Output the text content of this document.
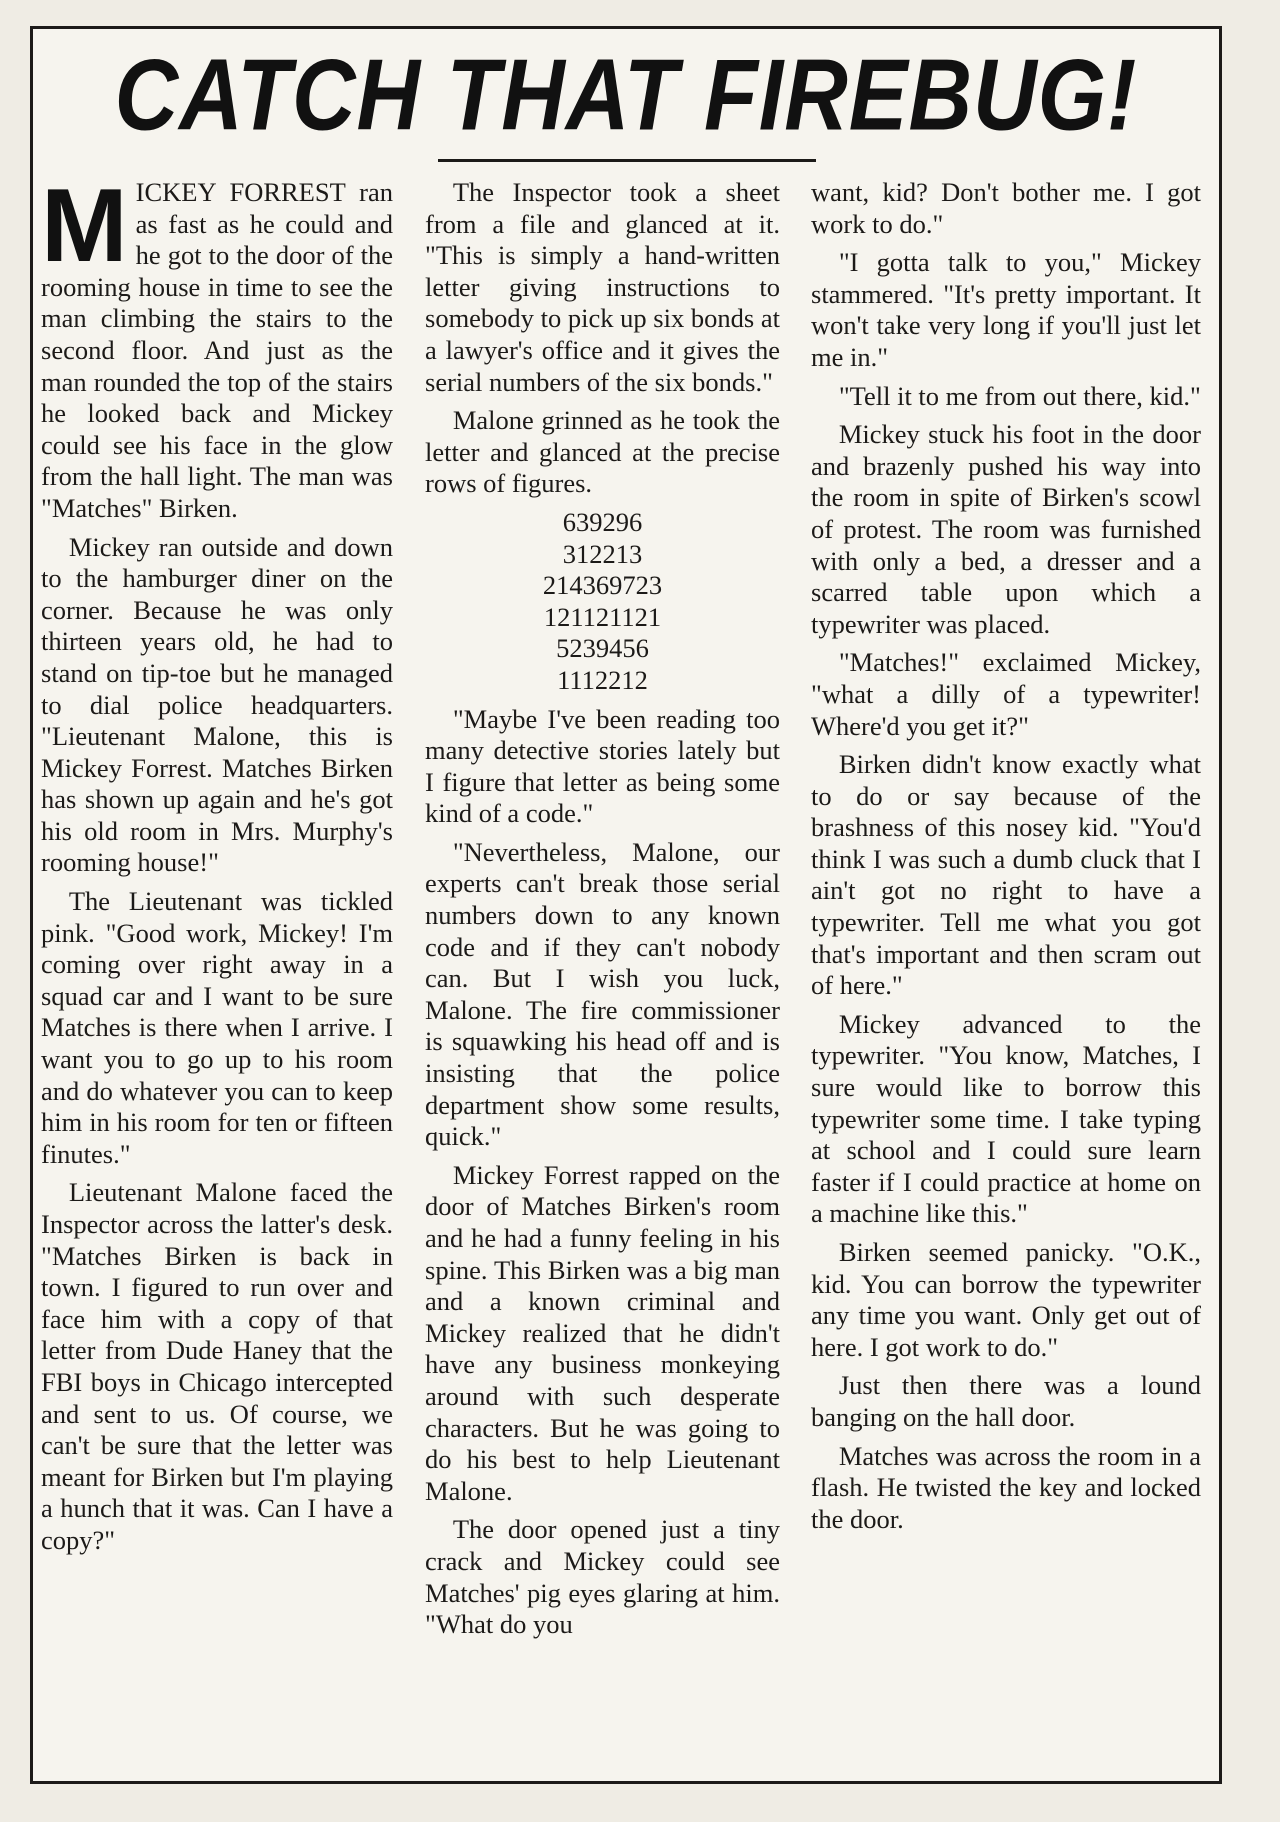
CATCH THAT FIREBUG!

MICKEY FORREST ran as fast as he could and he got to the door of the rooming house in time to see the man climbing the stairs to the second floor. And just as the man rounded the top of the stairs he looked back and Mickey could see his face in the glow from the hall light. The man was "Matches" Birken.

Mickey ran outside and down to the hamburger diner on the corner. Because he was only thirteen years old, he had to stand on tip-toe but he managed to dial police headquarters. "Lieutenant Malone, this is Mickey Forrest. Matches Birken has shown up again and he's got his old room in Mrs. Murphy's rooming house!"

The Lieutenant was tickled pink. "Good work, Mickey! I'm coming over right away in a squad car and I want to be sure Matches is there when I arrive. I want you to go up to his room and do whatever you can to keep him in his room for ten or fifteen finutes."

Lieutenant Malone faced the Inspector across the latter's desk. "Matches Birken is back in town. I figured to run over and face him with a copy of that letter from Dude Haney that the FBI boys in Chicago intercepted and sent to us. Of course, we can't be sure that the letter was meant for Birken but I'm playing a hunch that it was. Can I have a copy?"

The Inspector took a sheet from a file and glanced at it. "This is simply a hand-written letter giving instructions to somebody to pick up six bonds at a lawyer's office and it gives the serial numbers of the six bonds."

Malone grinned as he took the letter and glanced at the precise rows of figures.

639296
312213
214369723
121121121
5239456
1112212

"Maybe I've been reading too many detective stories lately but I figure that letter as being some kind of a code."

"Nevertheless, Malone, our experts can't break those serial numbers down to any known code and if they can't nobody can. But I wish you luck, Malone. The fire commissioner is squawking his head off and is insisting that the police department show some results, quick."

Mickey Forrest rapped on the door of Matches Birken's room and he had a funny feeling in his spine. This Birken was a big man and a known criminal and Mickey realized that he didn't have any business monkeying around with such desperate characters. But he was going to do his best to help Lieutenant Malone.

The door opened just a tiny crack and Mickey could see Matches' pig eyes glaring at him. "What do you

want, kid? Don't bother me. I got work to do."

"I gotta talk to you," Mickey stammered. "It's pretty important. It won't take very long if you'll just let me in."

"Tell it to me from out there, kid."

Mickey stuck his foot in the door and brazenly pushed his way into the room in spite of Birken's scowl of protest. The room was furnished with only a bed, a dresser and a scarred table upon which a typewriter was placed.

"Matches!" exclaimed Mickey, "what a dilly of a typewriter! Where'd you get it?"

Birken didn't know exactly what to do or say because of the brashness of this nosey kid. "You'd think I was such a dumb cluck that I ain't got no right to have a typewriter. Tell me what you got that's important and then scram out of here."

Mickey advanced to the typewriter. "You know, Matches, I sure would like to borrow this typewriter some time. I take typing at school and I could sure learn faster if I could practice at home on a machine like this."

Birken seemed panicky. "O.K., kid. You can borrow the typewriter any time you want. Only get out of here. I got work to do."

Just then there was a lound banging on the hall door.

Matches was across the room in a flash. He twisted the key and locked the door.
